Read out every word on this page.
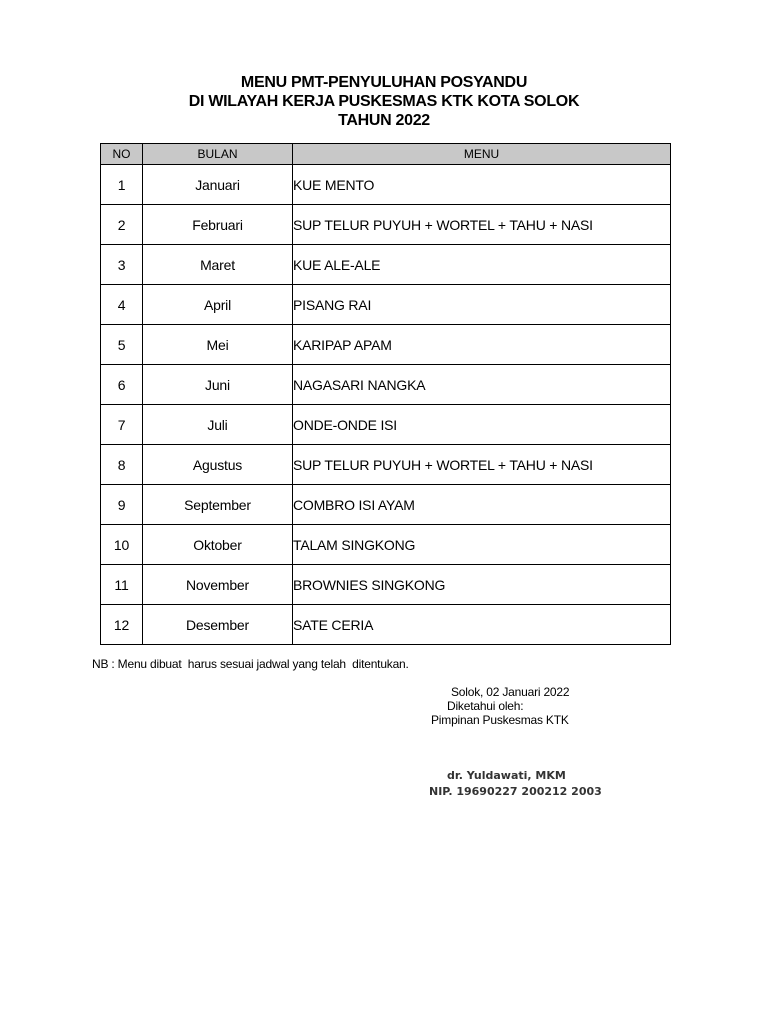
MENU PMT-PENYULUHAN POSYANDU
DI WILAYAH KERJA PUSKESMAS KTK KOTA SOLOK
TAHUN 2022
NO	BULAN	MENU
1	Januari	KUE MENTO
2	Februari	SUP TELUR PUYUH + WORTEL + TAHU + NASI
3	Maret	KUE ALE-ALE
4	April	PISANG RAI
5	Mei	KARIPAP APAM
6	Juni	NAGASARI NANGKA
7	Juli	ONDE-ONDE ISI
8	Agustus	SUP TELUR PUYUH + WORTEL + TAHU + NASI
9	September	COMBRO ISI AYAM
10	Oktober	TALAM SINGKONG
11	November	BROWNIES SINGKONG
12	Desember	SATE CERIA
NB : Menu dibuat  harus sesuai jadwal yang telah  ditentukan.
Solok, 02 Januari 2022
Diketahui oleh:
Pimpinan Puskesmas KTK
dr. Yuldawati, MKM
NIP. 19690227 200212 2003
